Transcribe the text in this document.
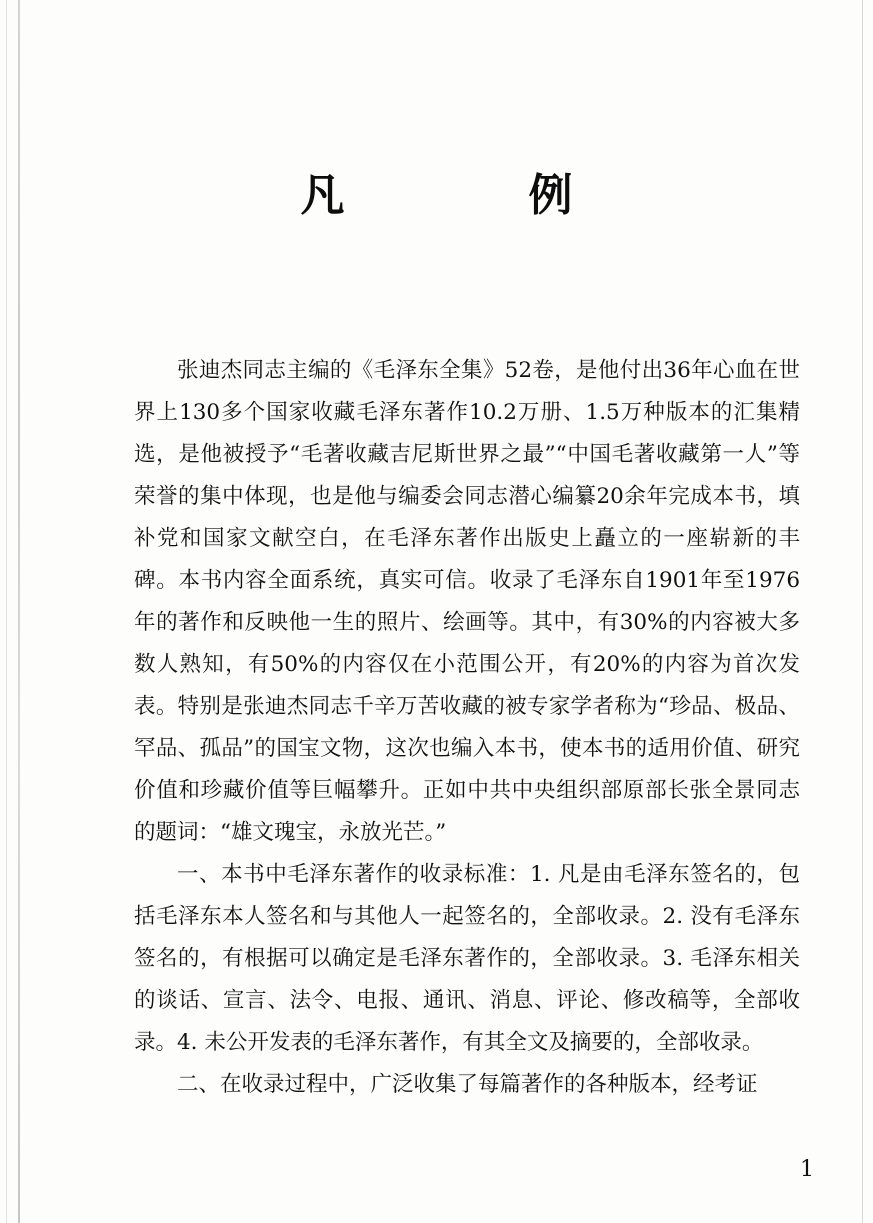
凡　例

张迪杰同志主编的《毛泽东全集》52卷，是他付出36年心血在世界上130多个国家收藏毛泽东著作10.2万册、1.5万种版本的汇集精选，是他被授予“毛著收藏吉尼斯世界之最”“中国毛著收藏第一人”等荣誉的集中体现，也是他与编委会同志潜心编纂20余年完成本书，填补党和国家文献空白，在毛泽东著作出版史上矗立的一座崭新的丰碑。本书内容全面系统，真实可信。收录了毛泽东自1901年至1976年的著作和反映他一生的照片、绘画等。其中，有30%的内容被大多数人熟知，有50%的内容仅在小范围公开，有20%的内容为首次发表。特别是张迪杰同志千辛万苦收藏的被专家学者称为“珍品、极品、罕品、孤品”的国宝文物，这次也编入本书，使本书的适用价值、研究价值和珍藏价值等巨幅攀升。正如中共中央组织部原部长张全景同志的题词：“雄文瑰宝，永放光芒。”

一、本书中毛泽东著作的收录标准：1. 凡是由毛泽东签名的，包括毛泽东本人签名和与其他人一起签名的，全部收录。2. 没有毛泽东签名的，有根据可以确定是毛泽东著作的，全部收录。3. 毛泽东相关的谈话、宣言、法令、电报、通讯、消息、评论、修改稿等，全部收录。4. 未公开发表的毛泽东著作，有其全文及摘要的，全部收录。

二、在收录过程中，广泛收集了每篇著作的各种版本，经考证

1
